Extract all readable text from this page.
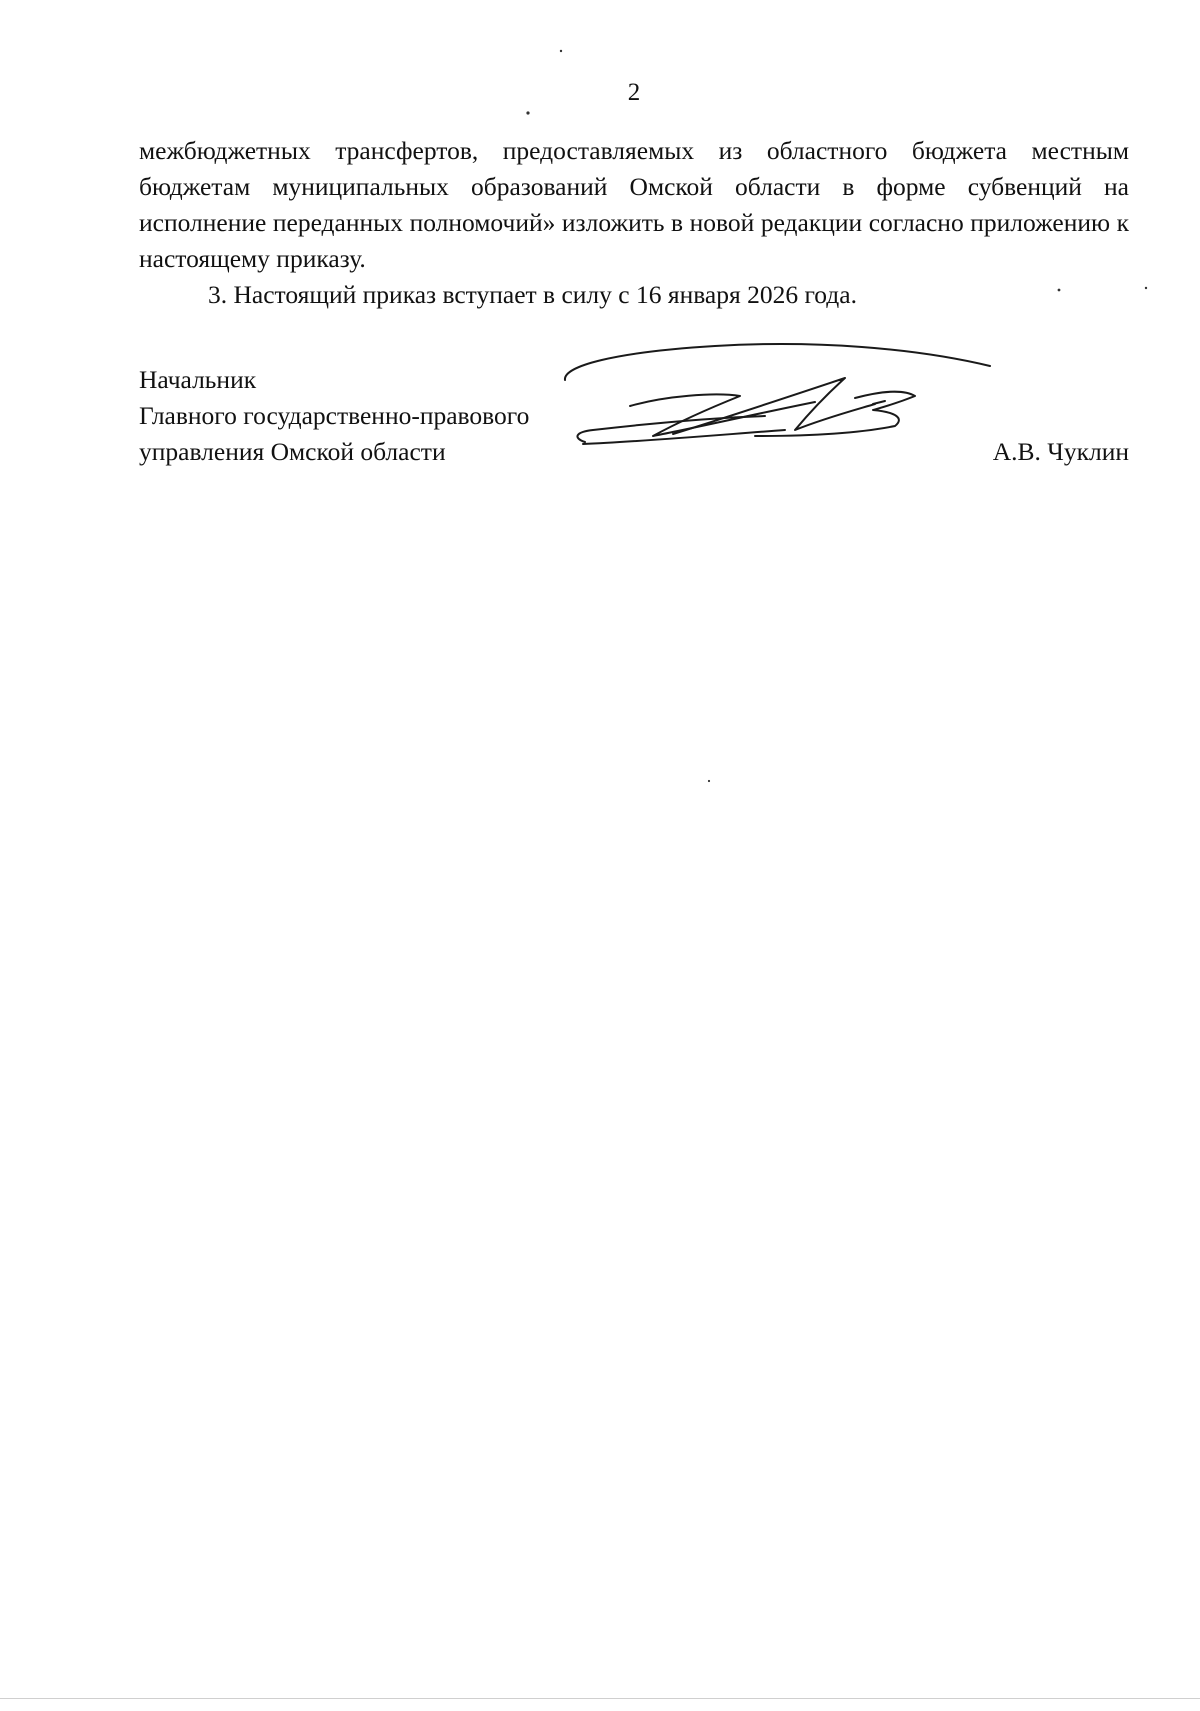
2

межбюджетных трансфертов, предоставляемых из областного бюджета местным бюджетам муниципальных образований Омской области в форме субвенций на исполнение переданных полномочий» изложить в новой редакции согласно приложению к настоящему приказу.

3. Настоящий приказ вступает в силу с 16 января 2026 года.

Начальник
Главного государственно-правового
управления Омской области	А.В. Чуклин
